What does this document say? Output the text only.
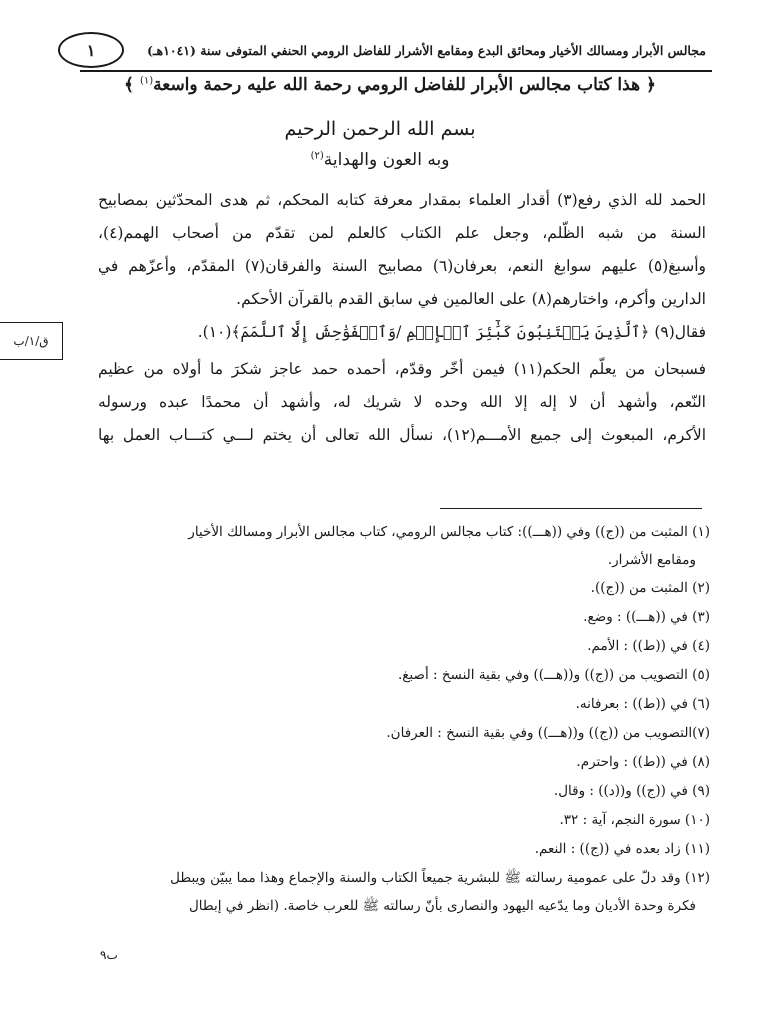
مجالس الأبرار ومسالك الأخيار ومحائق البدع ومقامع الأشرار للفاضل الرومي الحنفي المتوفى سنة (١٠٤١هـ)
١
﴿ هذا كتاب مجالس الأبرار للفاضل الرومي رحمة الله عليه رحمة واسعة$^{(١)}$ ﴾
بسم الله الرحمن الرحيم
وبه العون والهداية$^{(٢)}$
الحمد لله الذي رفع(٣) أقدار العلماء بمقدار معرفة كتابه المحكم، ثم هدى المحدّثين بمصابيح
السنة من شبه الظّلم، وجعل علم الكتاب كالعلم لمن تقدّم من أصحاب الهمم(٤)،
وأسبغ(٥) عليهم سوابغ النعم، بعرفان(٦) مصابيح السنة والفرقان(٧) المقدّم، وأعزّهم في
الدارين وأكرم، واختارهم(٨) على العالمين في سابق القدم بالقرآن الأحكم.
فقال(٩) ﴿ٱلَّذِينَ يَجۡتَنِبُونَ كَبَٰٓئِرَ ٱلۡإِثۡمِ /وَٱلۡفَوَٰحِشَ إِلَّا ٱللَّمَمَ﴾(١٠).
فسبحان من يعلّم الحكم(١١) فيمن أخّر وقدّم، أحمده حمد عاجز شكرَ ما أولاه من عظيم
النّعم، وأشهد أن لا إله إلا الله وحده لا شريك له، وأشهد أن محمدًا عبده ورسوله
الأكرم، المبعوث إلى جميع الأمـــم(١٢)، نسأل الله تعالى أن يختم لـــي كتـــاب العمل بها
ق/١/ب
(١) المثبت من ((ج)) وفي ((هـــ)): كتاب مجالس الرومي، كتاب مجالس الأبرار ومسالك الأخيار
ومقامع الأشرار.
(٢) المثبت من ((ج)).
(٣) في ((هـــ)) : وضع.
(٤) في ((ط)) : الأمم.
(٥) التصويب من ((ج)) و((هـــ)) وفي بقية النسخ : أصبغ.
(٦) في ((ط)) : بعرفانه.
(٧)التصويب من ((ج)) و((هـــ)) وفي بقية النسخ : العرفان.
(٨) في ((ط)) : واحترم.
(٩) في ((ج)) و((د)) : وقال.
(١٠) سورة النجم، آية : ٣٢.
(١١) زاد بعده في ((ج)) : النعم.
(١٢) وقد دلّ على عمومية رسالته ﷺ للبشرية جميعاً الكتاب والسنة والإجماع وهذا مما يبيّن ويبطل
فكرة وحدة الأديان وما يدّعيه اليهود والنصارى بأنّ رسالته ﷺ للعرب خاصة. (انظر في إبطال
ٮ٩
